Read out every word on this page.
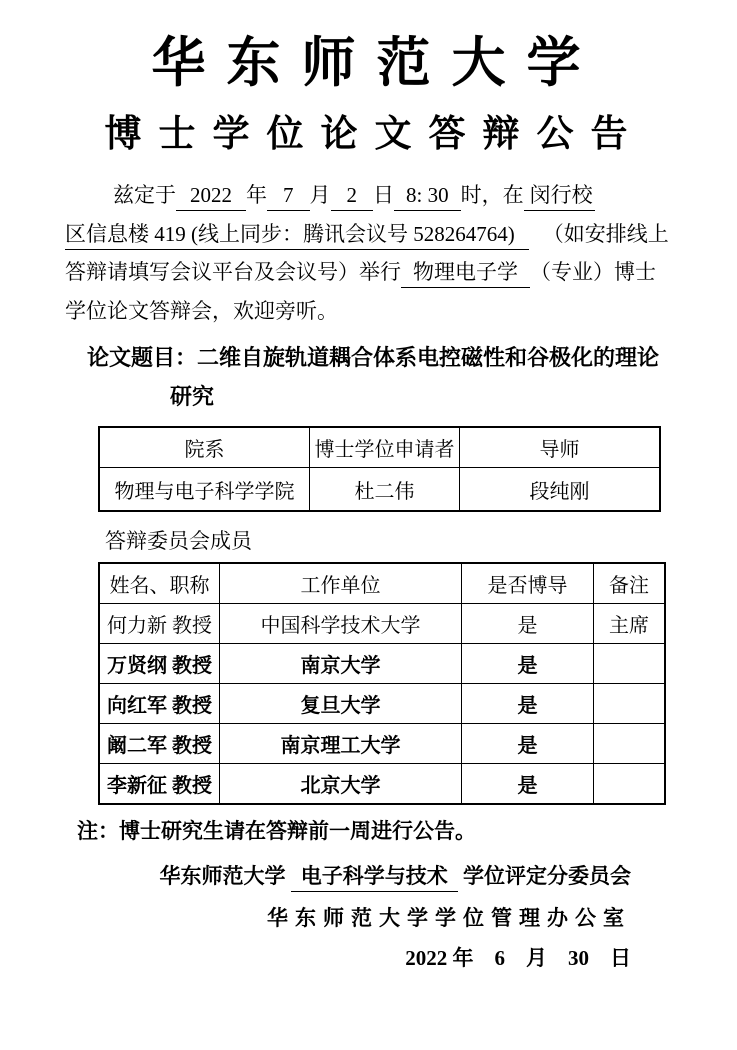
华东师范大学
博士学位论文答辩公告
兹定于 2022 年 7 月 2 日 8: 30 时，在 闵行校
区信息楼 419 (线上同步：腾讯会议号 528264764) （如安排线上
答辩请填写会议平台及会议号）举行 物理电子学 （专业）博士
学位论文答辩会，欢迎旁听。
论文题目：二维自旋轨道耦合体系电控磁性和谷极化的理论
研究
院系	博士学位申请者	导师
物理与电子科学学院	杜二伟	段纯刚
答辩委员会成员
姓名、职称	工作单位	是否博导	备注
何力新 教授	中国科学技术大学	是	主席
万贤纲 教授	南京大学	是	
向红军 教授	复旦大学	是	
阚二军 教授	南京理工大学	是	
李新征 教授	北京大学	是	
注：博士研究生请在答辩前一周进行公告。
华东师范大学 电子科学与技术 学位评定分委员会
华东师范大学学位管理办公室
2022 年　6　月　30　日
